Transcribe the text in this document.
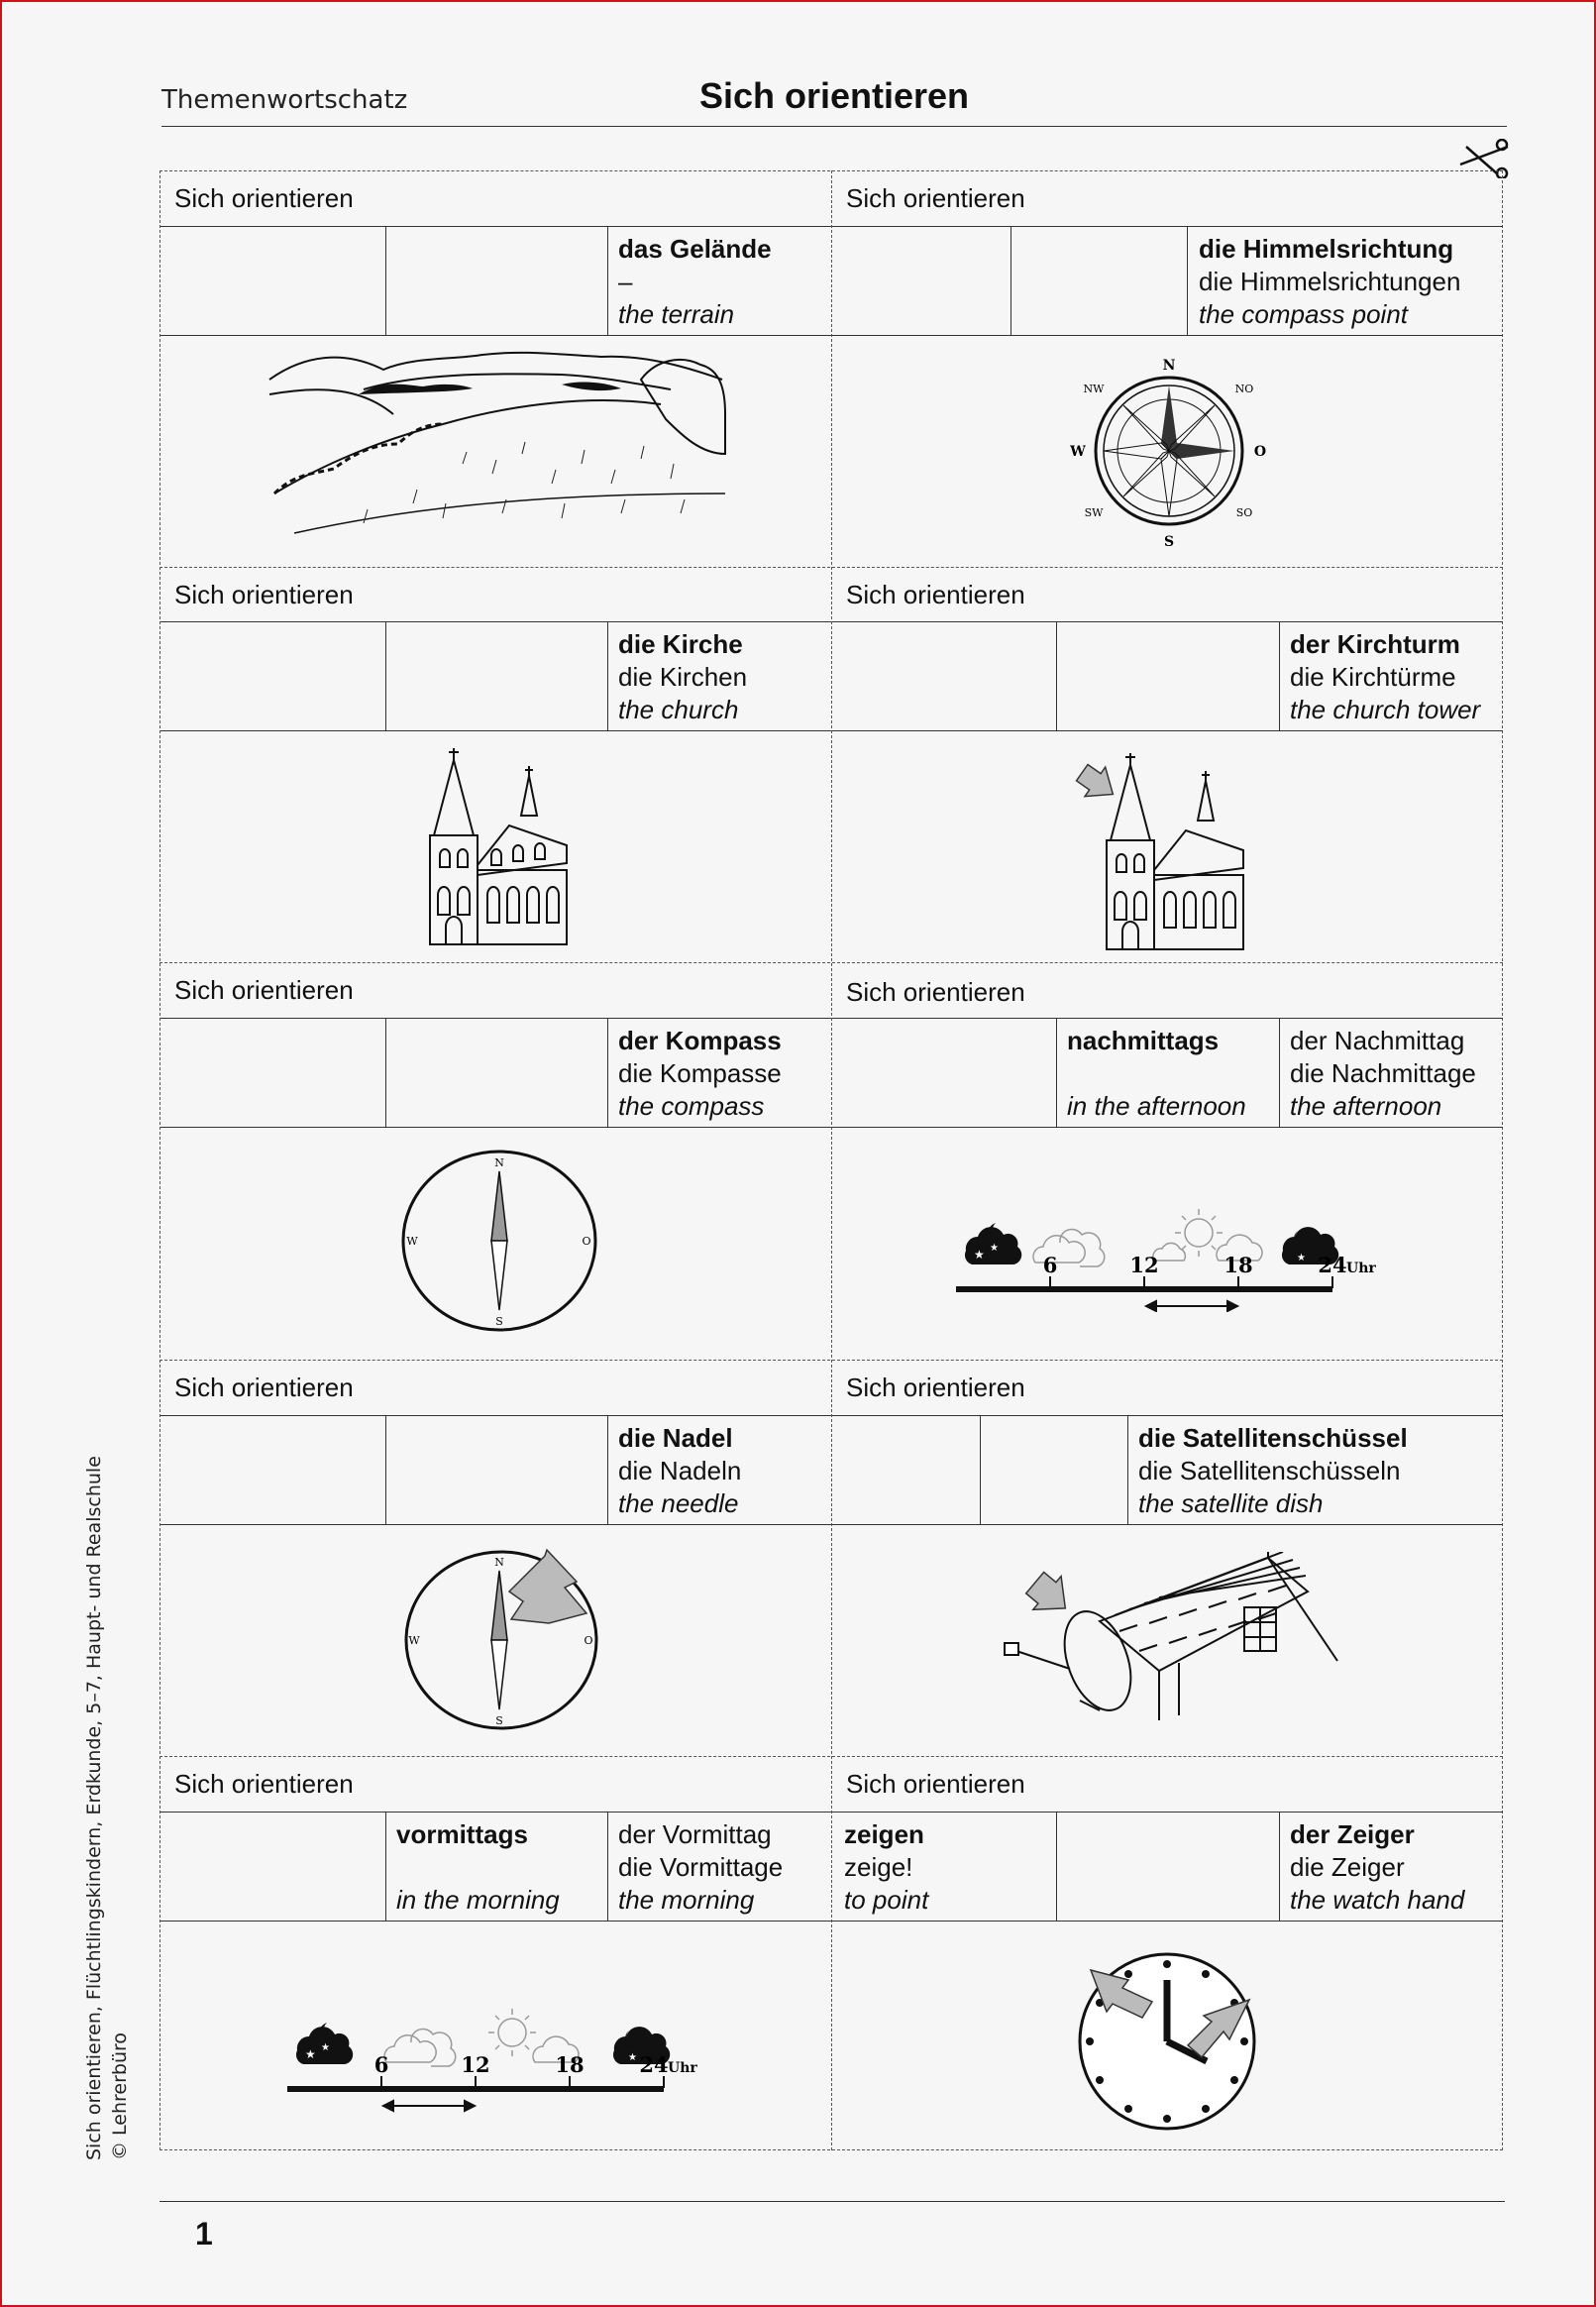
Themenwortschatz	Sich orientieren
Sich orientieren
das Gelände
–
the terrain
Sich orientieren
die Himmelsrichtung
die Himmelsrichtungen
the compass point
N
S
W	O
NW	NO
SW	SO
Sich orientieren
die Kirche
die Kirchen
the church
Sich orientieren
der Kirchturm
die Kirchtürme
the church tower
Sich orientieren
der Kompass
die Kompasse
the compass
N
S
W	O
Sich orientieren
nachmittags

in the afternoon
der Nachmittag
die Nachmittage
the afternoon
★ ★
★
6	12	18	24 Uhr
Sich orientieren
die Nadel
die Nadeln
the needle
N
S
W	O
Sich orientieren
die Satellitenschüssel
die Satellitenschüsseln
the satellite dish
Sich orientieren
vormittags

in the morning
der Vormittag
die Vormittage
the morning
★ ★
★
6	12	18	24 Uhr
Sich orientieren
zeigen
zeige!
to point
der Zeiger
die Zeiger
the watch hand
Sich orientieren, Flüchtlingskindern, Erdkunde, 5–7, Haupt- und Realschule © Lehrerbüro
1
